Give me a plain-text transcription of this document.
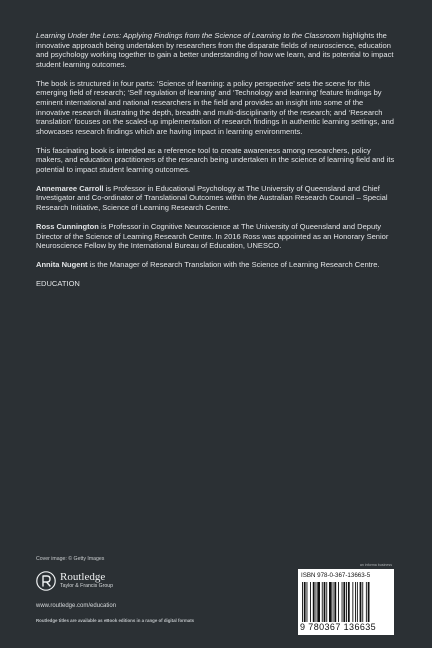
Learning Under the Lens: Applying Findings from the Science of Learning to the Classroom highlights the innovative approach being undertaken by researchers from the disparate fields of neuroscience, education and psychology working together to gain a better understanding of how we learn, and its potential to impact student learning outcomes.

The book is structured in four parts: ‘Science of learning: a policy perspective’ sets the scene for this emerging field of research; ‘Self regulation of learning’ and ‘Technology and learning’ feature findings by eminent international and national researchers in the field and provides an insight into some of the innovative research illustrating the depth, breadth and multi-disciplinarity of the research; and ‘Research translation’ focuses on the scaled-up implementation of research findings in authentic learning settings, and showcases research findings which are having impact in learning environments.

This fascinating book is intended as a reference tool to create awareness among researchers, policy makers, and education practitioners of the research being undertaken in the science of learning field and its potential to impact student learning outcomes.

Annemaree Carroll is Professor in Educational Psychology at The University of Queensland and Chief Investigator and Co-ordinator of Translational Outcomes within the Australian Research Council – Special Research Initiative, Science of Learning Research Centre.

Ross Cunnington is Professor in Cognitive Neuroscience at The University of Queensland and Deputy Director of the Science of Learning Research Centre. In 2016 Ross was appointed as an Honorary Senior Neuroscience Fellow by the International Bureau of Education, UNESCO.

Annita Nugent is the Manager of Research Translation with the Science of Learning Research Centre.

EDUCATION

Cover image: © Getty Images
Routledge
Taylor & Francis Group
www.routledge.com/education
Routledge titles are available as eBook editions in a range of digital formats
an informa business
ISBN 978-0-367-13663-5
9 780367 136635
